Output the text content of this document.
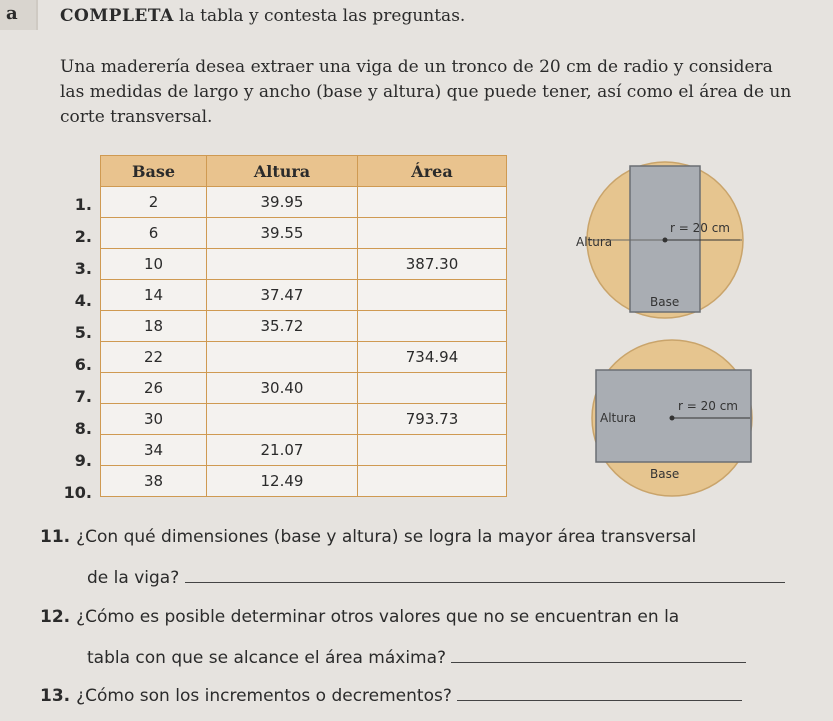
a	COMPLETA la tabla y contesta las preguntas.
Una maderería desea extraer una viga de un tronco de 20 cm de radio y considera las medidas de largo y ancho (base y altura) que puede tener, así como el área de un corte transversal.
1.
2.
3.
4.
5.
6.
7.
8.
9.
10.
Base	Altura	Área
2	39.95	
6	39.55	
10		387.30
14	37.47	
18	35.72	
22		734.94
26	30.40	
30		793.73
34	21.07	
38	12.49	
Altura
r = 20 cm
Base
Altura
r = 20 cm
Base
11. ¿Con qué dimensiones (base y altura) se logra la mayor área transversal
de la viga?
12. ¿Cómo es posible determinar otros valores que no se encuentran en la
tabla con que se alcance el área máxima?
13. ¿Cómo son los incrementos o decrementos?
